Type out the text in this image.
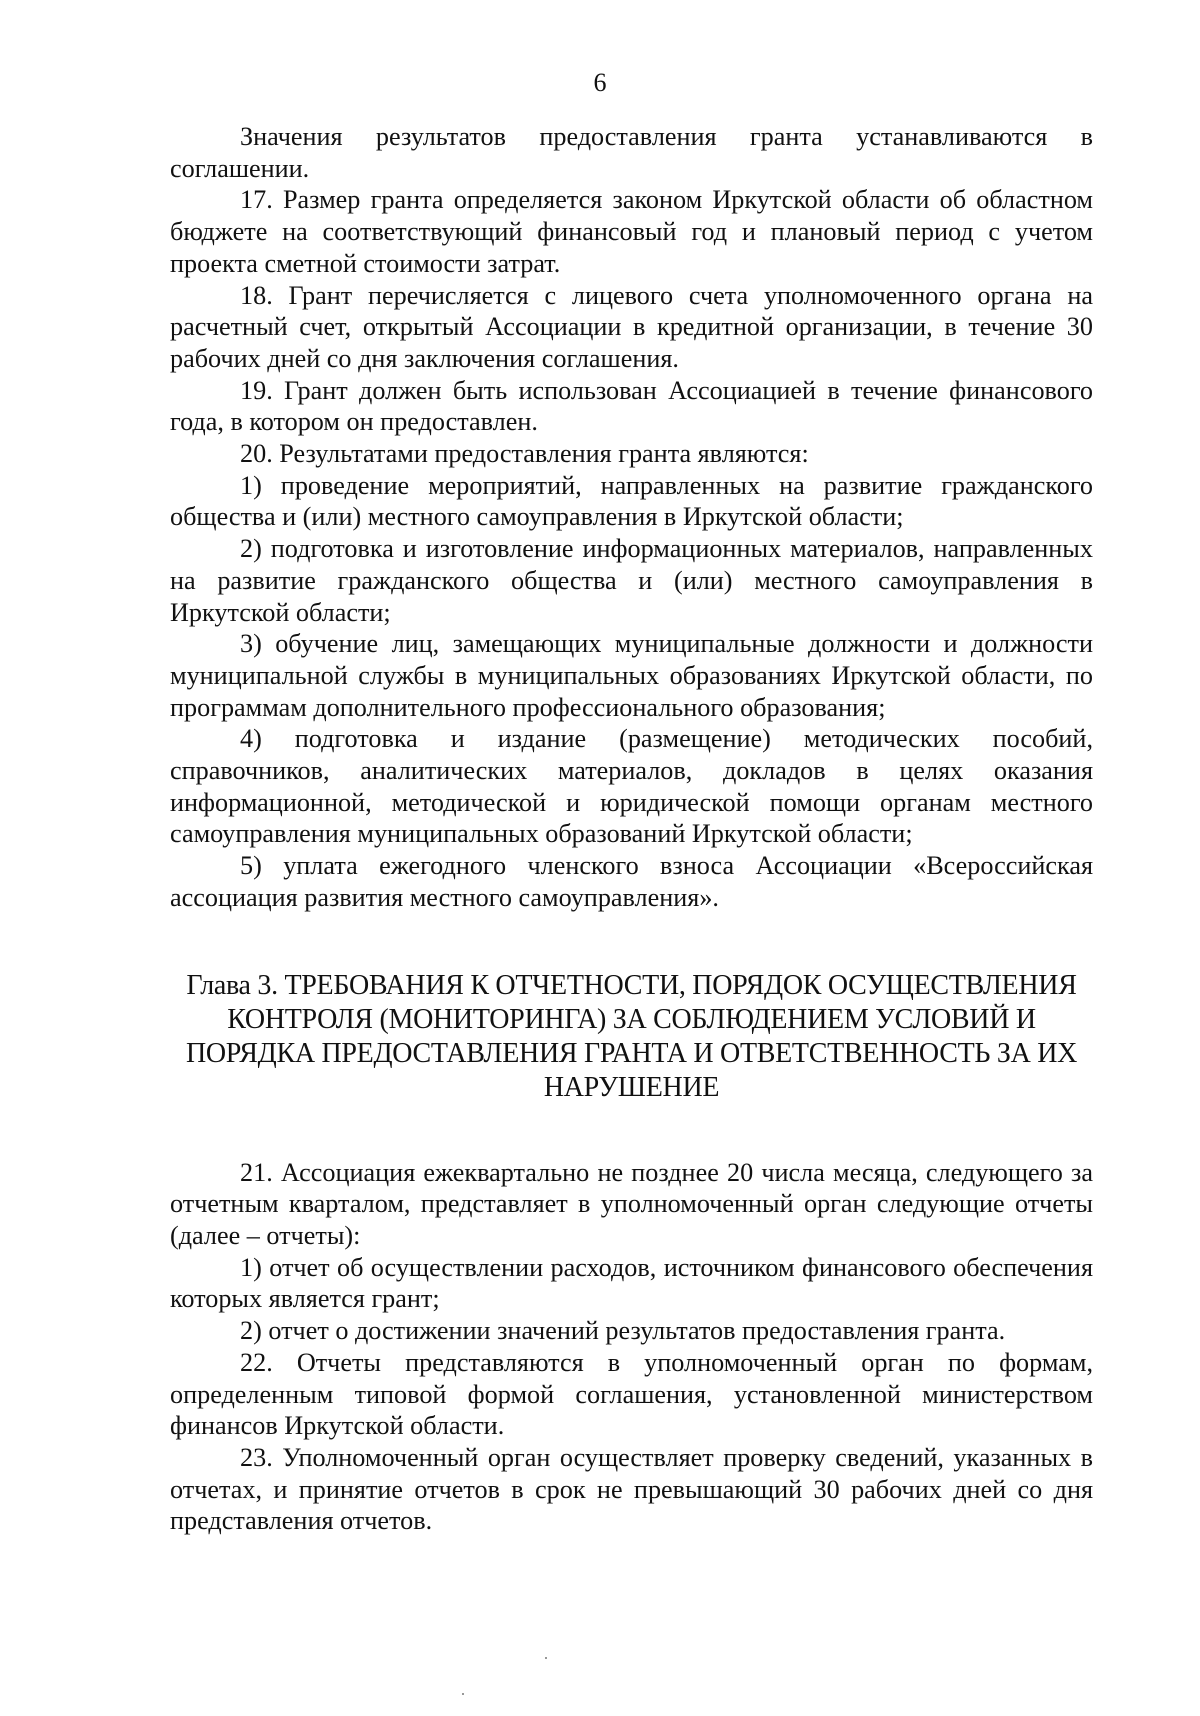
6

Значения результатов предоставления гранта устанавливаются в соглашении.

17. Размер гранта определяется законом Иркутской области об областном бюджете на соответствующий финансовый год и плановый период с учетом проекта сметной стоимости затрат.

18. Грант перечисляется с лицевого счета уполномоченного органа на расчетный счет, открытый Ассоциации в кредитной организации, в течение 30 рабочих дней со дня заключения соглашения.

19. Грант должен быть использован Ассоциацией в течение финансового года, в котором он предоставлен.

20. Результатами предоставления гранта являются:

1) проведение мероприятий, направленных на развитие гражданского общества и (или) местного самоуправления в Иркутской области;

2) подготовка и изготовление информационных материалов, направленных на развитие гражданского общества и (или) местного самоуправления в Иркутской области;

3) обучение лиц, замещающих муниципальные должности и должности муниципальной службы в муниципальных образованиях Иркутской области, по программам дополнительного профессионального образования;

4) подготовка и издание (размещение) методических пособий, справочников, аналитических материалов, докладов в целях оказания информационной, методической и юридической помощи органам местного самоуправления муниципальных образований Иркутской области;

5) уплата ежегодного членского взноса Ассоциации «Всероссийская ассоциация развития местного самоуправления».

Глава 3. ТРЕБОВАНИЯ К ОТЧЕТНОСТИ, ПОРЯДОК ОСУЩЕСТВЛЕНИЯ КОНТРОЛЯ (МОНИТОРИНГА) ЗА СОБЛЮДЕНИЕМ УСЛОВИЙ И ПОРЯДКА ПРЕДОСТАВЛЕНИЯ ГРАНТА И ОТВЕТСТВЕННОСТЬ ЗА ИХ НАРУШЕНИЕ

21. Ассоциация ежеквартально не позднее 20 числа месяца, следующего за отчетным кварталом, представляет в уполномоченный орган следующие отчеты (далее – отчеты):

1) отчет об осуществлении расходов, источником финансового обеспечения которых является грант;

2) отчет о достижении значений результатов предоставления гранта.

22. Отчеты представляются в уполномоченный орган по формам, определенным типовой формой соглашения, установленной министерством финансов Иркутской области.

23. Уполномоченный орган осуществляет проверку сведений, указанных в отчетах, и принятие отчетов в срок не превышающий 30 рабочих дней со дня представления отчетов.
